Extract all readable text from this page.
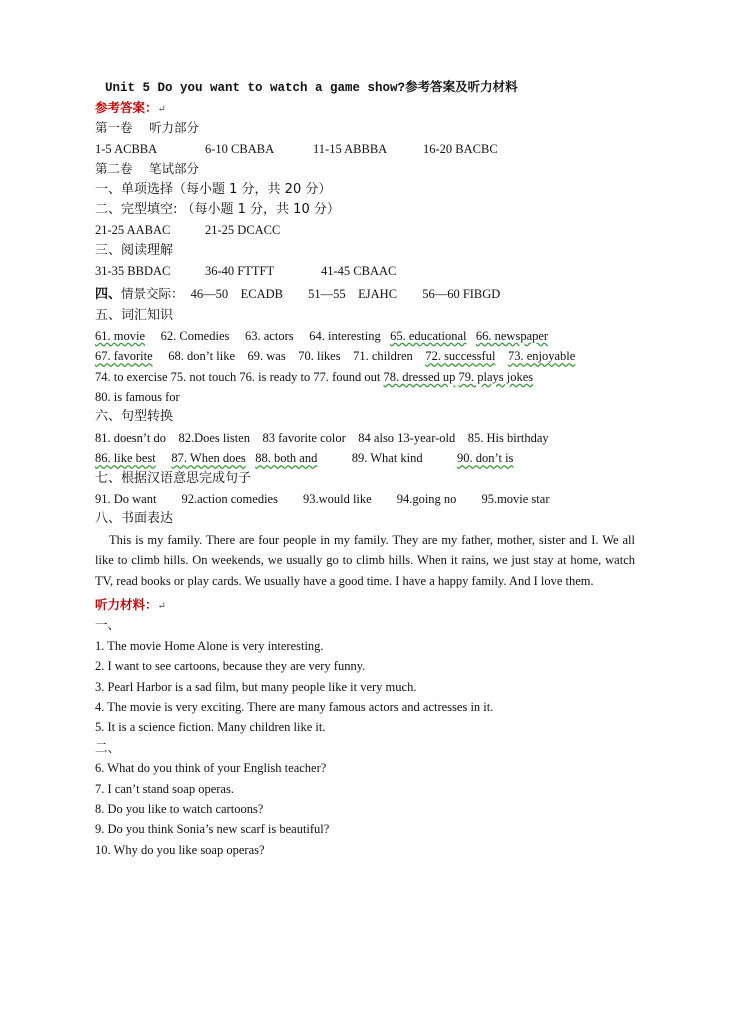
Unit 5 Do you want to watch a game show?参考答案及听力材料
参考答案：↵
第一卷　 听力部分
1-5 ACBBA	6-10 CBABA	11-15 ABBBA	16-20 BACBC
第二卷 　笔试部分
一、单项选择（每小题 1 分，共 20 分）
二、完型填空: （每小题 1 分，共 10 分）
21-25 AABAC	21-25 DCACC
三、阅读理解
31-35 BBDAC	36-40 FTTFT	41-45 CBAAC
四、情景交际： 46—50　ECADB 51—55　EJAHC 56—60 FIBGD
五、词汇知识
61. movie 62. Comedies 63. actors 64. interesting 65. educational 66. newspaper
67. favorite 68. don’t like 69. was 70. likes 71. children 72. successful 73. enjoyable
74. to exercise 75. not touch 76. is ready to 77. found out 78. dressed up 79. plays jokes
80. is famous for
六、句型转换
81. doesn’t do 82.Does listen 83 favorite color 84 also 13-year-old 85. His birthday
86. like best 87. When does 88. both and	89. What kind	90. don’t is
七、根据汉语意思完成句子
91. Do want 92.action comedies 93.would like 94.going no 95.movie star
八、书面表达
This is my family. There are four people in my family. They are my father, mother, sister and I. We all like to climb hills. On weekends, we usually go to climb hills. When it rains, we just stay at home, watch TV, read books or play cards. We usually have a good time. I have a happy family. And I love them.
听力材料：↵
一、
1. The movie Home Alone is very interesting.
2. I want to see cartoons, because they are very funny.
3. Pearl Harbor is a sad film, but many people like it very much.
4. The movie is very exciting. There are many famous actors and actresses in it.
5. It is a science fiction. Many children like it.
二、
6. What do you think of your English teacher?
7. I can’t stand soap operas.
8. Do you like to watch cartoons?
9. Do you think Sonia’s new scarf is beautiful?
10. Why do you like soap operas?
